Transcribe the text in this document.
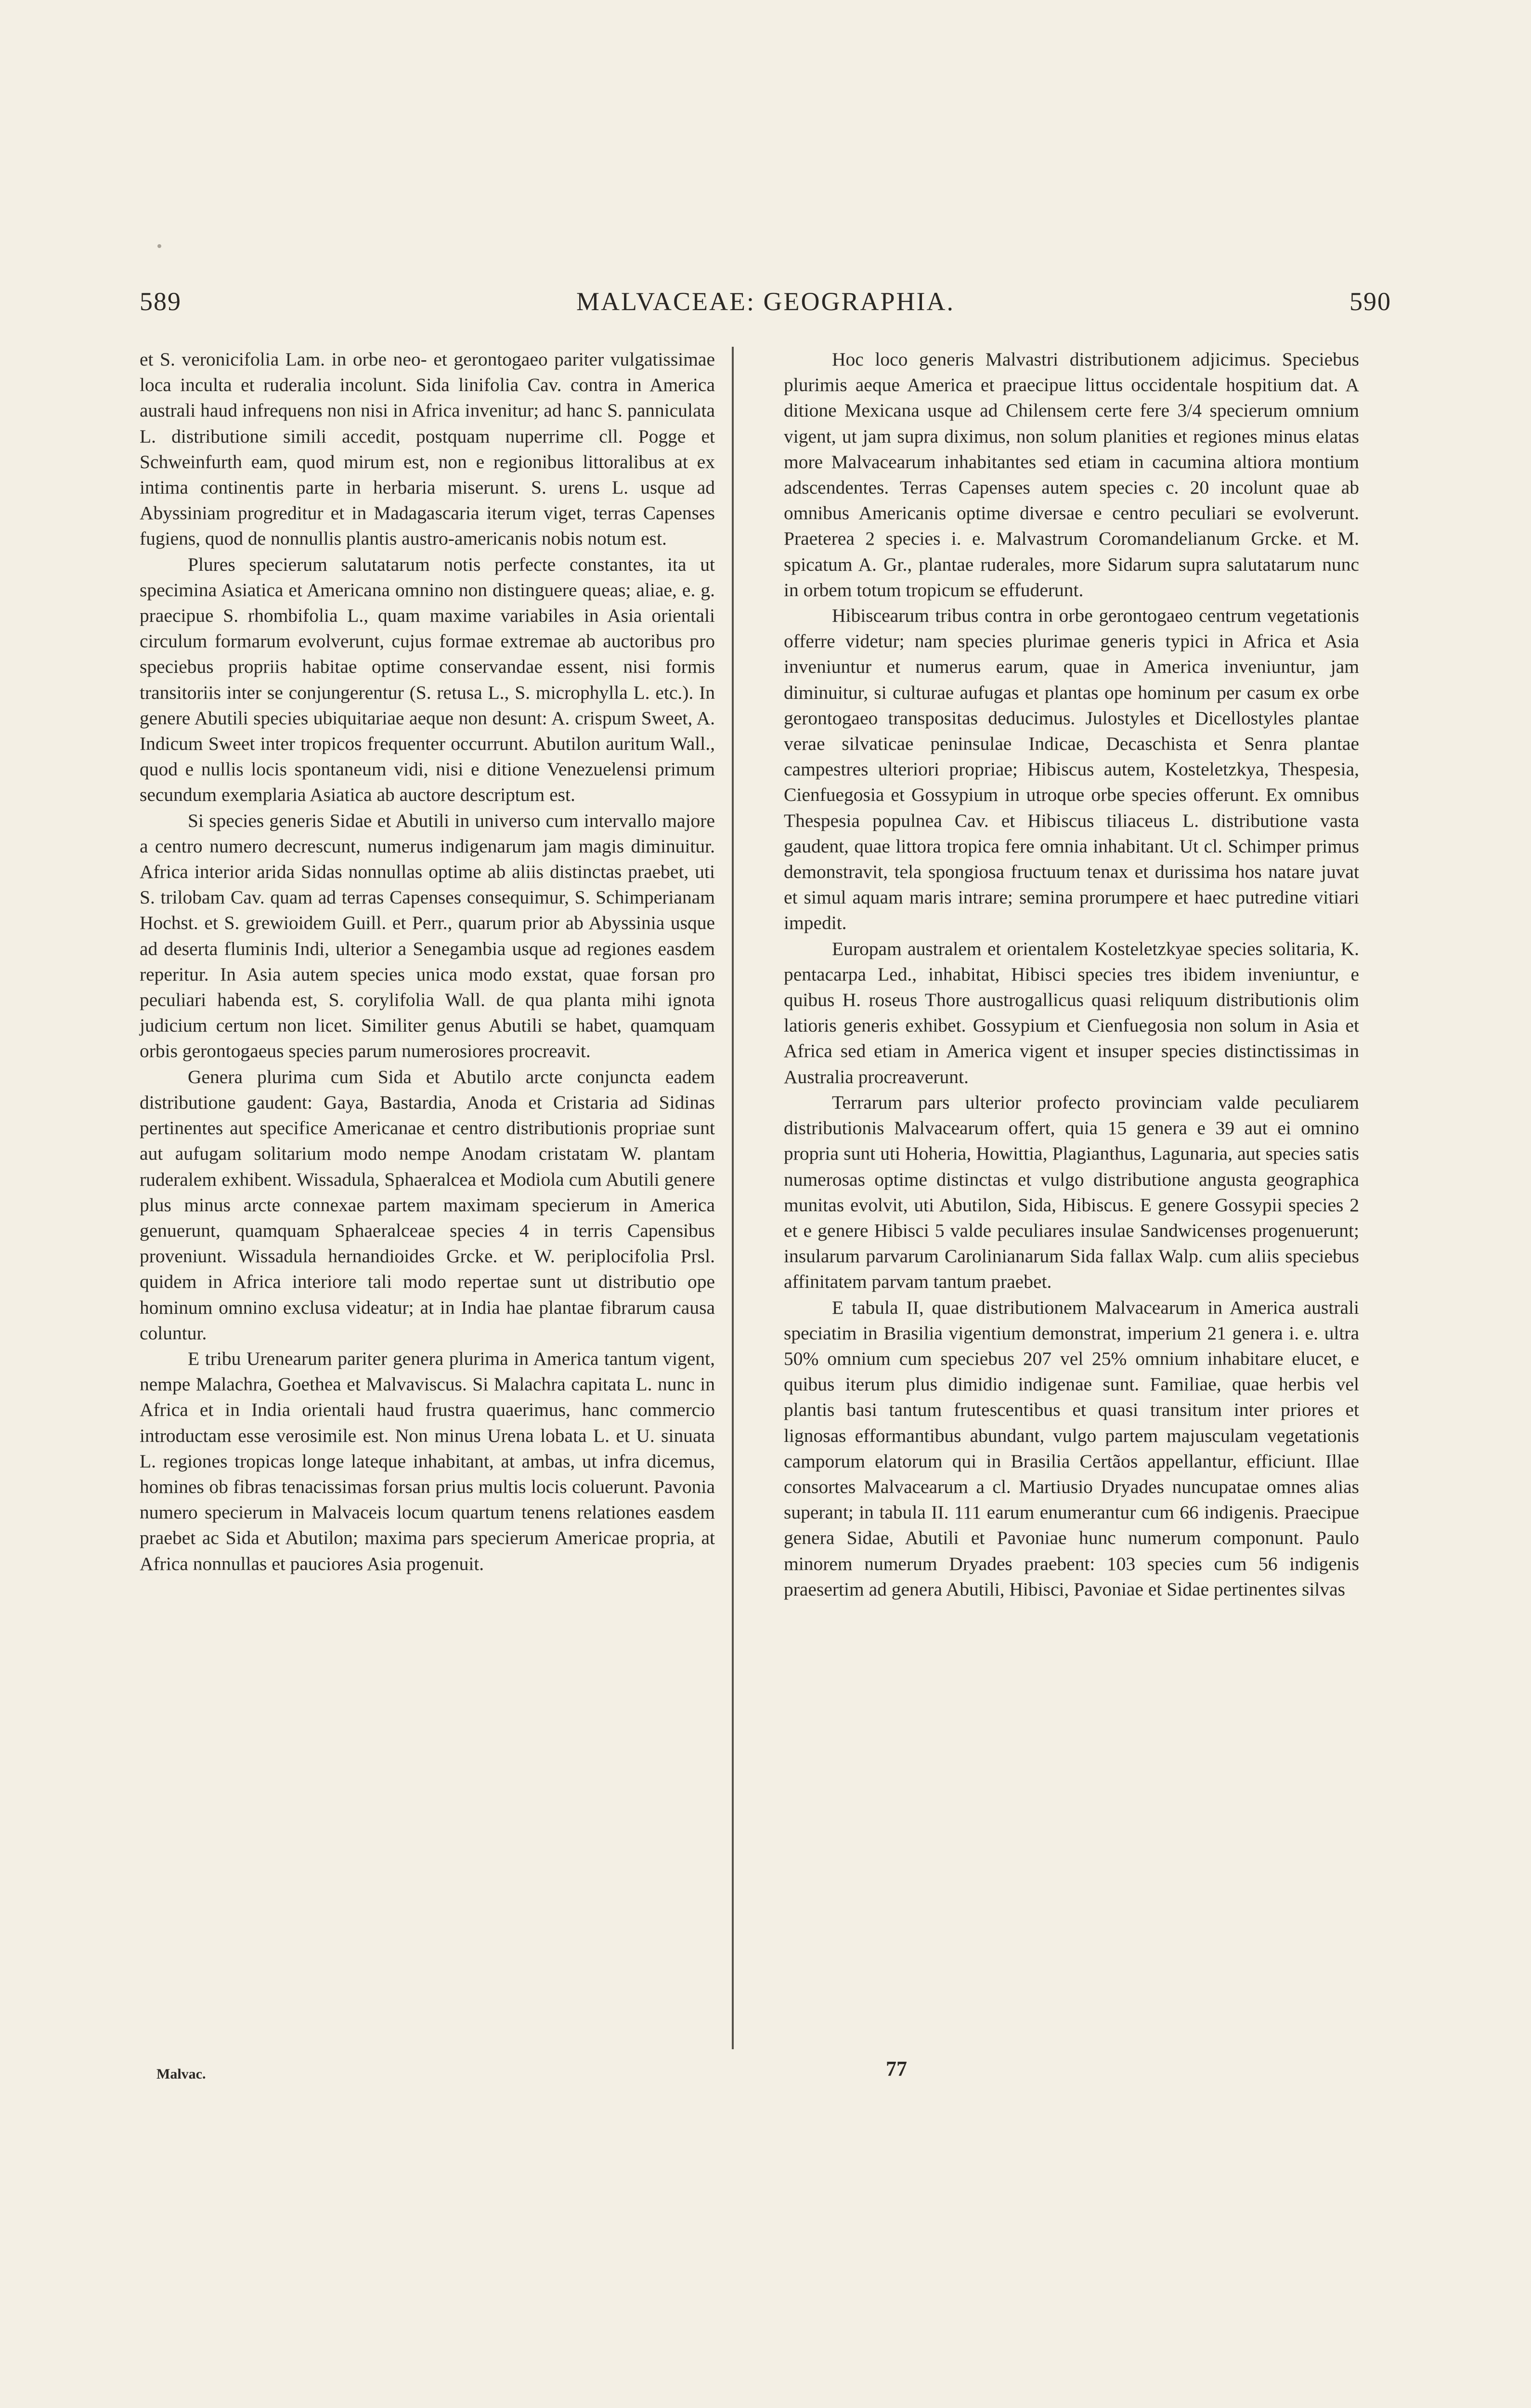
589	MALVACEAE: GEOGRAPHIA.	590

et S. veronicifolia Lam. in orbe neo- et gerontogaeo pariter vulgatissimae loca inculta et ruderalia incolunt. Sida linifolia Cav. contra in America australi haud infrequens non nisi in Africa invenitur; ad hanc S. panniculata L. distributione simili accedit, postquam nuperrime cll. Pogge et Schweinfurth eam, quod mirum est, non e regionibus littoralibus at ex intima continentis parte in herbaria miserunt. S. urens L. usque ad Abyssiniam progreditur et in Madagascaria iterum viget, terras Capenses fugiens, quod de nonnullis plantis austro-americanis nobis notum est.

Plures specierum salutatarum notis perfecte constantes, ita ut specimina Asiatica et Americana omnino non distinguere queas; aliae, e. g. praecipue S. rhombifolia L., quam maxime variabiles in Asia orientali circulum formarum evolverunt, cujus formae extremae ab auctoribus pro speciebus propriis habitae optime conservandae essent, nisi formis transitoriis inter se conjungerentur (S. retusa L., S. microphylla L. etc.). In genere Abutili species ubiquitariae aeque non desunt: A. crispum Sweet, A. Indicum Sweet inter tropicos frequenter occurrunt. Abutilon auritum Wall., quod e nullis locis spontaneum vidi, nisi e ditione Venezuelensi primum secundum exemplaria Asiatica ab auctore descriptum est.

Si species generis Sidae et Abutili in universo cum intervallo majore a centro numero decrescunt, numerus indigenarum jam magis diminuitur. Africa interior arida Sidas nonnullas optime ab aliis distinctas praebet, uti S. trilobam Cav. quam ad terras Capenses consequimur, S. Schimperianam Hochst. et S. grewioidem Guill. et Perr., quarum prior ab Abyssinia usque ad deserta fluminis Indi, ulterior a Senegambia usque ad regiones easdem reperitur. In Asia autem species unica modo exstat, quae forsan pro peculiari habenda est, S. corylifolia Wall. de qua planta mihi ignota judicium certum non licet. Similiter genus Abutili se habet, quamquam orbis gerontogaeus species parum numerosiores procreavit.

Genera plurima cum Sida et Abutilo arcte conjuncta eadem distributione gaudent: Gaya, Bastardia, Anoda et Cristaria ad Sidinas pertinentes aut specifice Americanae et centro distributionis propriae sunt aut aufugam solitarium modo nempe Anodam cristatam W. plantam ruderalem exhibent. Wissadula, Sphaeralcea et Modiola cum Abutili genere plus minus arcte connexae partem maximam specierum in America genuerunt, quamquam Sphaeralceae species 4 in terris Capensibus proveniunt. Wissadula hernandioides Grcke. et W. periplocifolia Prsl. quidem in Africa interiore tali modo repertae sunt ut distributio ope hominum omnino exclusa videatur; at in India hae plantae fibrarum causa coluntur.

E tribu Urenearum pariter genera plurima in America tantum vigent, nempe Malachra, Goethea et Malvaviscus. Si Malachra capitata L. nunc in Africa et in India orientali haud frustra quaerimus, hanc commercio introductam esse verosimile est. Non minus Urena lobata L. et U. sinuata L. regiones tropicas longe lateque inhabitant, at ambas, ut infra dicemus, homines ob fibras tenacissimas forsan prius multis locis coluerunt. Pavonia numero specierum in Malvaceis locum quartum tenens relationes easdem praebet ac Sida et Abutilon; maxima pars specierum Americae propria, at Africa nonnullas et pauciores Asia progenuit.

Hoc loco generis Malvastri distributionem adjicimus. Speciebus plurimis aeque America et praecipue littus occidentale hospitium dat. A ditione Mexicana usque ad Chilensem certe fere 3/4 specierum omnium vigent, ut jam supra diximus, non solum planities et regiones minus elatas more Malvacearum inhabitantes sed etiam in cacumina altiora montium adscendentes. Terras Capenses autem species c. 20 incolunt quae ab omnibus Americanis optime diversae e centro peculiari se evolverunt. Praeterea 2 species i. e. Malvastrum Coromandelianum Grcke. et M. spicatum A. Gr., plantae ruderales, more Sidarum supra salutatarum nunc in orbem totum tropicum se effuderunt.

Hibiscearum tribus contra in orbe gerontogaeo centrum vegetationis offerre videtur; nam species plurimae generis typici in Africa et Asia inveniuntur et numerus earum, quae in America inveniuntur, jam diminuitur, si culturae aufugas et plantas ope hominum per casum ex orbe gerontogaeo transpositas deducimus. Julostyles et Dicellostyles plantae verae silvaticae peninsulae Indicae, Decaschista et Senra plantae campestres ulteriori propriae; Hibiscus autem, Kosteletzkya, Thespesia, Cienfuegosia et Gossypium in utroque orbe species offerunt. Ex omnibus Thespesia populnea Cav. et Hibiscus tiliaceus L. distributione vasta gaudent, quae littora tropica fere omnia inhabitant. Ut cl. Schimper primus demonstravit, tela spongiosa fructuum tenax et durissima hos natare juvat et simul aquam maris intrare; semina prorumpere et haec putredine vitiari impedit.

Europam australem et orientalem Kosteletzkyae species solitaria, K. pentacarpa Led., inhabitat, Hibisci species tres ibidem inveniuntur, e quibus H. roseus Thore austrogallicus quasi reliquum distributionis olim latioris generis exhibet. Gossypium et Cienfuegosia non solum in Asia et Africa sed etiam in America vigent et insuper species distinctissimas in Australia procreaverunt.

Terrarum pars ulterior profecto provinciam valde peculiarem distributionis Malvacearum offert, quia 15 genera e 39 aut ei omnino propria sunt uti Hoheria, Howittia, Plagianthus, Lagunaria, aut species satis numerosas optime distinctas et vulgo distributione angusta geographica munitas evolvit, uti Abutilon, Sida, Hibiscus. E genere Gossypii species 2 et e genere Hibisci 5 valde peculiares insulae Sandwicenses progenuerunt; insularum parvarum Carolinianarum Sida fallax Walp. cum aliis speciebus affinitatem parvam tantum praebet.

E tabula II, quae distributionem Malvacearum in America australi speciatim in Brasilia vigentium demonstrat, imperium 21 genera i. e. ultra 50% omnium cum speciebus 207 vel 25% omnium inhabitare elucet, e quibus iterum plus dimidio indigenae sunt. Familiae, quae herbis vel plantis basi tantum frutescentibus et quasi transitum inter priores et lignosas efformantibus abundant, vulgo partem majusculam vegetationis camporum elatorum qui in Brasilia Certãos appellantur, efficiunt. Illae consortes Malvacearum a cl. Martiusio Dryades nuncupatae omnes alias superant; in tabula II. 111 earum enumerantur cum 66 indigenis. Praecipue genera Sidae, Abutili et Pavoniae hunc numerum componunt. Paulo minorem numerum Dryades praebent: 103 species cum 56 indigenis praesertim ad genera Abutili, Hibisci, Pavoniae et Sidae pertinentes silvas

Malvac.	77
